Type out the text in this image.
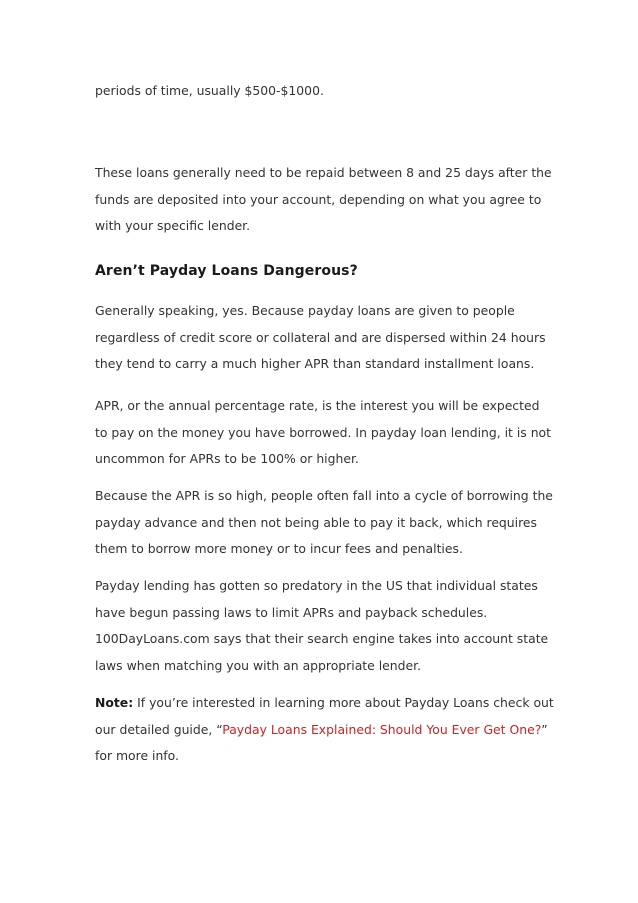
periods of time, usually $500-$1000.

These loans generally need to be repaid between 8 and 25 days after the funds are deposited into your account, depending on what you agree to with your specific lender.

Aren’t Payday Loans Dangerous?

Generally speaking, yes. Because payday loans are given to people regardless of credit score or collateral and are dispersed within 24 hours they tend to carry a much higher APR than standard installment loans.

APR, or the annual percentage rate, is the interest you will be expected to pay on the money you have borrowed. In payday loan lending, it is not uncommon for APRs to be 100% or higher.

Because the APR is so high, people often fall into a cycle of borrowing the payday advance and then not being able to pay it back, which requires them to borrow more money or to incur fees and penalties.

Payday lending has gotten so predatory in the US that individual states have begun passing laws to limit APRs and payback schedules. 100DayLoans.com says that their search engine takes into account state laws when matching you with an appropriate lender.

Note: If you’re interested in learning more about Payday Loans check out our detailed guide, “Payday Loans Explained: Should You Ever Get One?” for more info.
